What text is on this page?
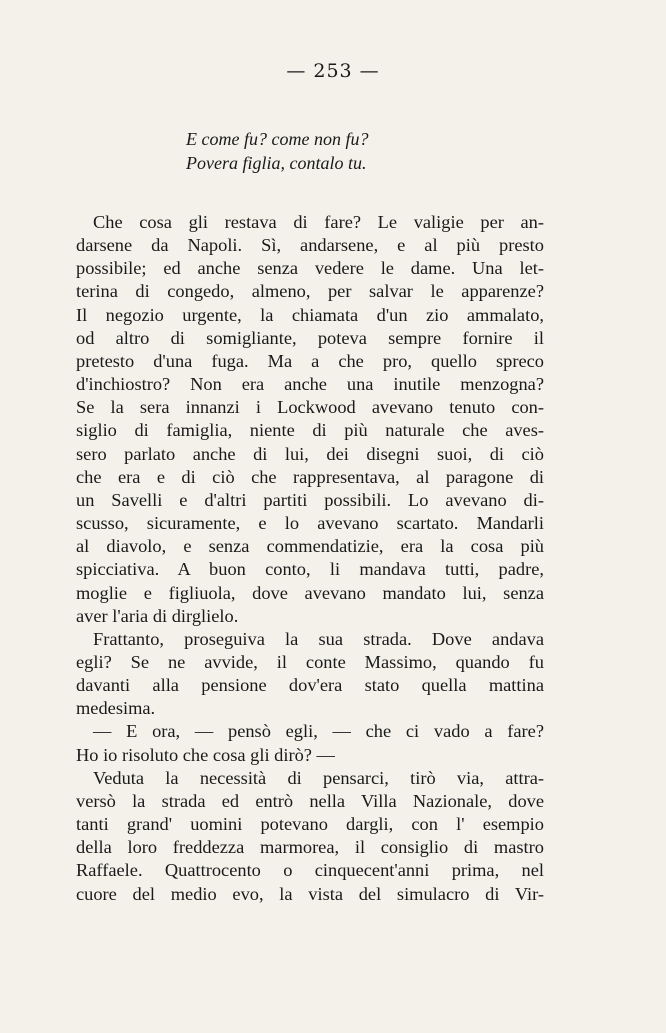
— 253 —
E come fu? come non fu?
Povera figlia, contalo tu.
Che cosa gli restava di fare? Le valigie per an-
darsene da Napoli. Sì, andarsene, e al più presto
possibile; ed anche senza vedere le dame. Una let-
terina di congedo, almeno, per salvar le apparenze?
Il negozio urgente, la chiamata d'un zio ammalato,
od altro di somigliante, poteva sempre fornire il
pretesto d'una fuga. Ma a che pro, quello spreco
d'inchiostro? Non era anche una inutile menzogna?
Se la sera innanzi i Lockwood avevano tenuto con-
siglio di famiglia, niente di più naturale che aves-
sero parlato anche di lui, dei disegni suoi, di ciò
che era e di ciò che rappresentava, al paragone di
un Savelli e d'altri partiti possibili. Lo avevano di-
scusso, sicuramente, e lo avevano scartato. Mandarli
al diavolo, e senza commendatizie, era la cosa più
spicciativa. A buon conto, li mandava tutti, padre,
moglie e figliuola, dove avevano mandato lui, senza
aver l'aria di dirglielo.
Frattanto, proseguiva la sua strada. Dove andava
egli? Se ne avvide, il conte Massimo, quando fu
davanti alla pensione dov'era stato quella mattina
medesima.
— E ora, — pensò egli, — che ci vado a fare?
Ho io risoluto che cosa gli dirò? —
Veduta la necessità di pensarci, tirò via, attra-
versò la strada ed entrò nella Villa Nazionale, dove
tanti grand' uomini potevano dargli, con l' esempio
della loro freddezza marmorea, il consiglio di mastro
Raffaele. Quattrocento o cinquecent'anni prima, nel
cuore del medio evo, la vista del simulacro di Vir-
